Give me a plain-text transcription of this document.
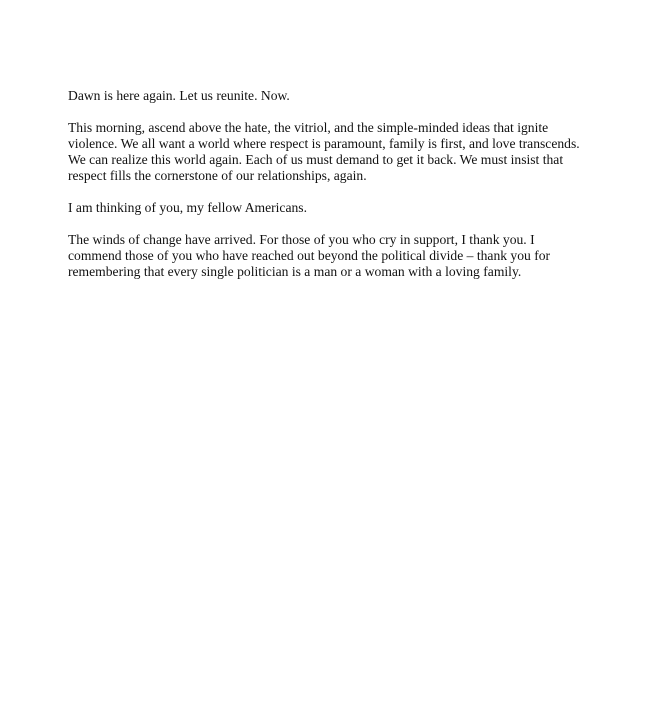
Dawn is here again. Let us reunite. Now.

This morning, ascend above the hate, the vitriol, and the simple-minded ideas that ignite
violence. We all want a world where respect is paramount, family is first, and love transcends.
We can realize this world again. Each of us must demand to get it back. We must insist that
respect fills the cornerstone of our relationships, again.

I am thinking of you, my fellow Americans.

The winds of change have arrived. For those of you who cry in support, I thank you. I
commend those of you who have reached out beyond the political divide – thank you for
remembering that every single politician is a man or a woman with a loving family.
